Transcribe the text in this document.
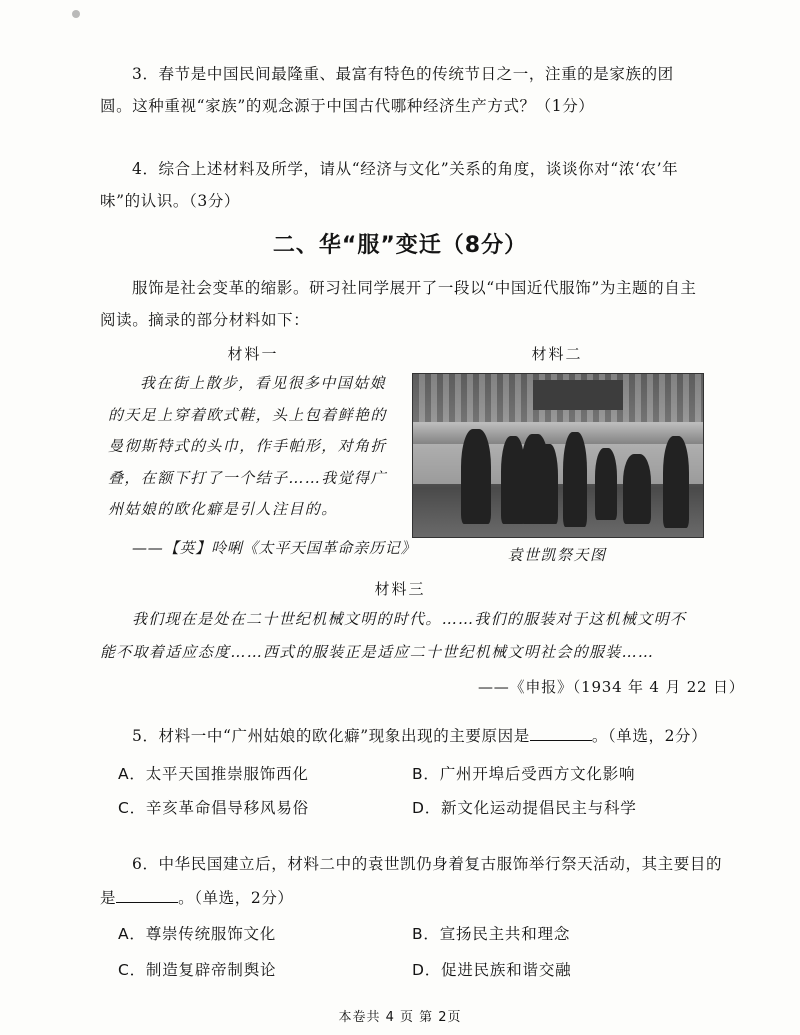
3．春节是中国民间最隆重、最富有特色的传统节日之一，注重的是家族的团圆。这种重视“家族”的观念源于中国古代哪种经济生产方式？（1分）
4．综合上述材料及所学，请从“经济与文化”关系的角度，谈谈你对“浓‘农’年味”的认识。（3分）
二、华“服”变迁（8分）
服饰是社会变革的缩影。研习社同学展开了一段以“中国近代服饰”为主题的自主阅读。摘录的部分材料如下：
材料一	材料二
我在街上散步，看见很多中国姑娘的天足上穿着欧式鞋，头上包着鲜艳的曼彻斯特式的头巾，作手帕形，对角折叠，在额下打了一个结子……我觉得广州姑娘的欧化癖是引人注目的。
——【英】呤唎《太平天国革命亲历记》	袁世凯祭天图
材料三
我们现在是处在二十世纪机械文明的时代。……我们的服装对于这机械文明不能不取着适应态度……西式的服装正是适应二十世纪机械文明社会的服装……
——《申报》（1934 年 4 月 22 日）
5．材料一中“广州姑娘的欧化癖”现象出现的主要原因是	。（单选，2分）
A．太平天国推崇服饰西化	B．广州开埠后受西方文化影响
C．辛亥革命倡导移风易俗	D．新文化运动提倡民主与科学
6．中华民国建立后，材料二中的袁世凯仍身着复古服饰举行祭天活动，其主要目的
是	。（单选，2分）
A．尊崇传统服饰文化	B．宣扬民主共和理念
C．制造复辟帝制舆论	D．促进民族和谐交融
本卷共 4 页 第 2页
